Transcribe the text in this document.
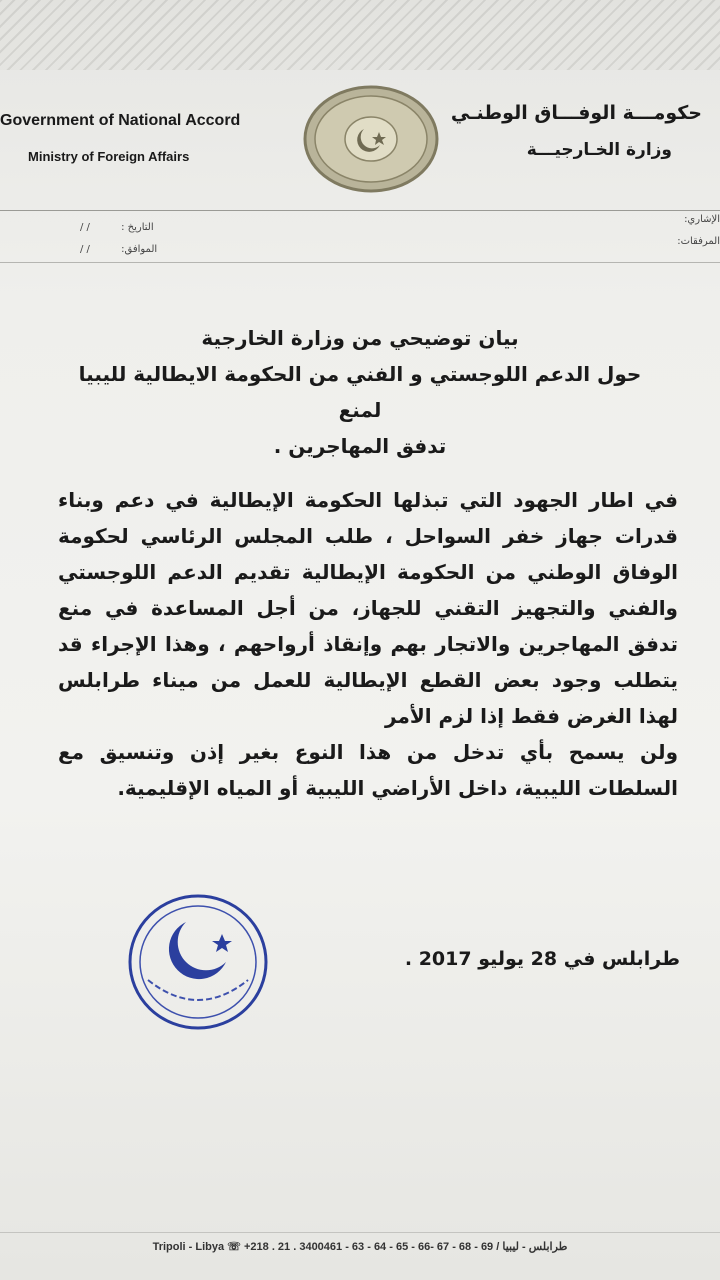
Government of National Accord
Ministry of Foreign Affairs
حكومـــة الوفـــاق الوطنـي
وزارة الخـارجيـــة
التاريخ : / /
الموافق: / /
الإشاري:
المرفقات:
بيان توضيحي من وزارة الخارجية
حول الدعم اللوجستي و الفني من الحكومة الايطالية لليبيا لمنع
تدفق المهاجرين .

في اطار الجهود التي تبذلها الحكومة الإيطالية في دعم وبناء قدرات جهاز خفر السواحل ، طلب المجلس الرئاسي لحكومة الوفاق الوطني من الحكومة الإيطالية تقديم الدعم اللوجستي والفني والتجهيز التقني للجهاز، من أجل المساعدة في منع تدفق المهاجرين والاتجار بهم وإنقاذ أرواحهم ، وهذا الإجراء قد يتطلب وجود بعض القطع الإيطالية للعمل من ميناء طرابلس لهذا الغرض فقط إذا لزم الأمر

ولن يسمح بأي تدخل من هذا النوع بغير إذن وتنسيق مع السلطات الليبية، داخل الأراضي الليبية أو المياه الإقليمية.

طرابلس في 28 يوليو 2017 .
Tripoli - Libya ☏ +218 . 21 . 3400461 - 63 - 64 - 65 - 66- 67 - 68 - 69 / طرابلس - ليبيا
